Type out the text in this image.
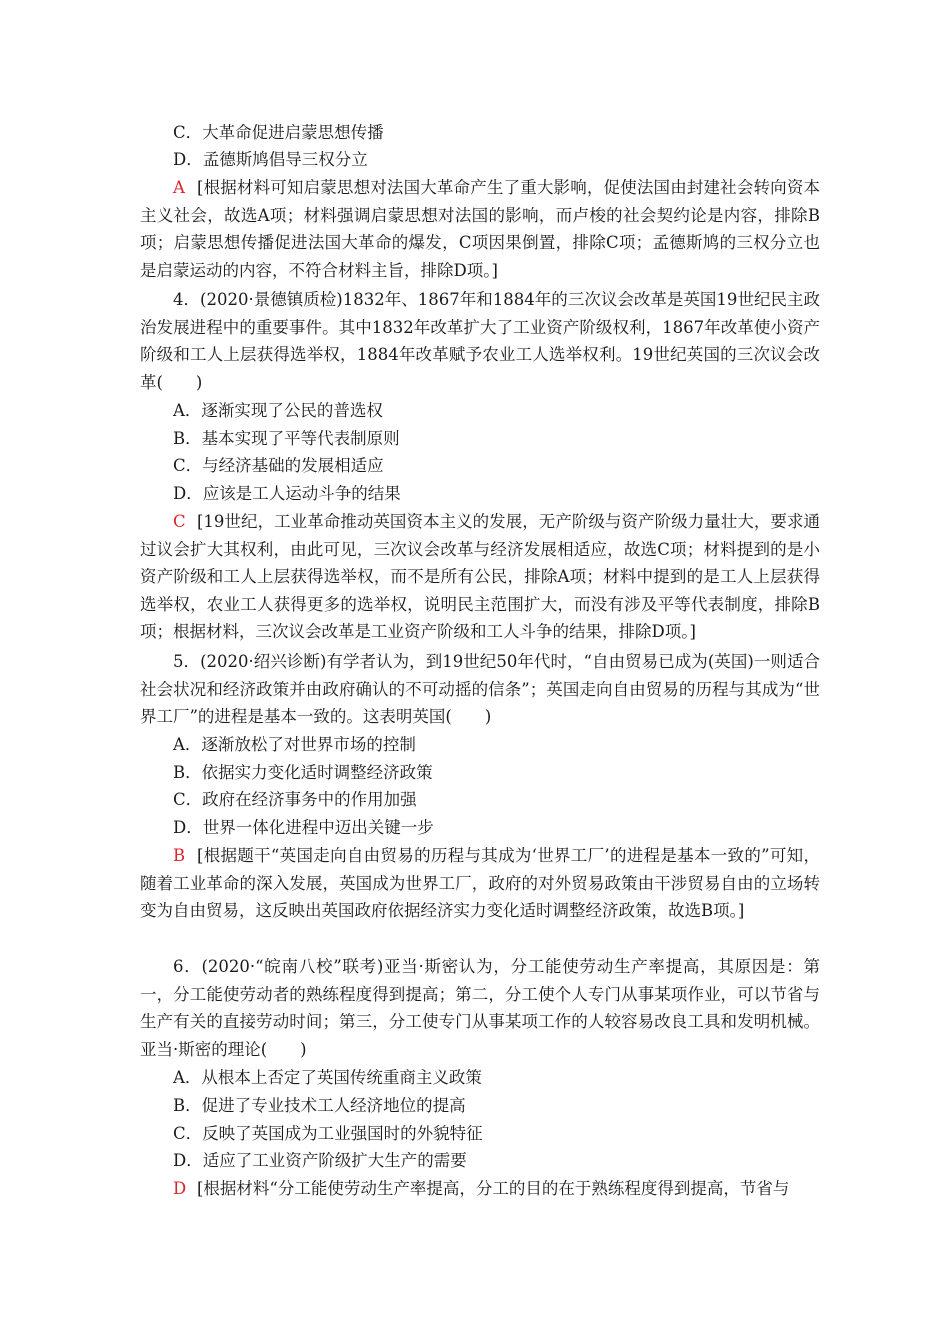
C．大革命促进启蒙思想传播
D．孟德斯鸠倡导三权分立
A [根据材料可知启蒙思想对法国大革命产生了重大影响，促使法国由封建社会转向资本主义社会，故选A项；材料强调启蒙思想对法国的影响，而卢梭的社会契约论是内容，排除B项；启蒙思想传播促进法国大革命的爆发，C项因果倒置，排除C项；孟德斯鸠的三权分立也是启蒙运动的内容，不符合材料主旨，排除D项。]
4．(2020·景德镇质检)1832年、1867年和1884年的三次议会改革是英国19世纪民主政治发展进程中的重要事件。其中1832年改革扩大了工业资产阶级权利，1867年改革使小资产阶级和工人上层获得选举权，1884年改革赋予农业工人选举权利。19世纪英国的三次议会改革(　　)
A．逐渐实现了公民的普选权
B．基本实现了平等代表制原则
C．与经济基础的发展相适应
D．应该是工人运动斗争的结果
C [19世纪，工业革命推动英国资本主义的发展，无产阶级与资产阶级力量壮大，要求通过议会扩大其权利，由此可见，三次议会改革与经济发展相适应，故选C项；材料提到的是小资产阶级和工人上层获得选举权，而不是所有公民，排除A项；材料中提到的是工人上层获得选举权，农业工人获得更多的选举权，说明民主范围扩大，而没有涉及平等代表制度，排除B项；根据材料，三次议会改革是工业资产阶级和工人斗争的结果，排除D项。]
5．(2020·绍兴诊断)有学者认为，到19世纪50年代时，“自由贸易已成为(英国)一则适合社会状况和经济政策并由政府确认的不可动摇的信条”；英国走向自由贸易的历程与其成为“世界工厂”的进程是基本一致的。这表明英国(　　)
A．逐渐放松了对世界市场的控制
B．依据实力变化适时调整经济政策
C．政府在经济事务中的作用加强
D．世界一体化进程中迈出关键一步
B [根据题干“英国走向自由贸易的历程与其成为‘世界工厂’的进程是基本一致的”可知，随着工业革命的深入发展，英国成为世界工厂，政府的对外贸易政策由干涉贸易自由的立场转变为自由贸易，这反映出英国政府依据经济实力变化适时调整经济政策，故选B项。]
6．(2020·“皖南八校”联考)亚当·斯密认为，分工能使劳动生产率提高，其原因是：第一，分工能使劳动者的熟练程度得到提高；第二，分工使个人专门从事某项作业，可以节省与生产有关的直接劳动时间；第三，分工使专门从事某项工作的人较容易改良工具和发明机械。亚当·斯密的理论(　　)
A．从根本上否定了英国传统重商主义政策
B．促进了专业技术工人经济地位的提高
C．反映了英国成为工业强国时的外貌特征
D．适应了工业资产阶级扩大生产的需要
D [根据材料“分工能使劳动生产率提高，分工的目的在于熟练程度得到提高，节省与
